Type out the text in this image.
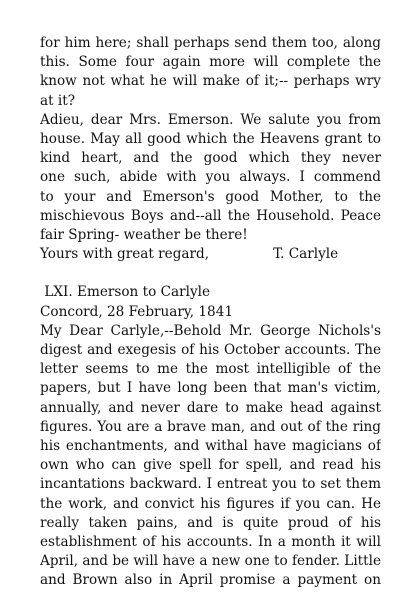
for him here; shall perhaps send them too, along
this. Some four again more will complete the
know not what he will make of it;-- perhaps wry
at it?
Adieu, dear Mrs. Emerson. We salute you from
house. May all good which the Heavens grant to
kind heart, and the good which they never
one such, abide with you always. I commend
to your and Emerson's good Mother, to the
mischievous Boys and--all the Household. Peace
fair Spring- weather be there!
Yours with great regard,	T. Carlyle
LXI. Emerson to Carlyle
Concord, 28 February, 1841
My Dear Carlyle,--Behold Mr. George Nichols's
digest and exegesis of his October accounts. The
letter seems to me the most intelligible of the
papers, but I have long been that man's victim,
annually, and never dare to make head against
figures. You are a brave man, and out of the ring
his enchantments, and withal have magicians of
own who can give spell for spell, and read his
incantations backward. I entreat you to set them
the work, and convict his figures if you can. He
really taken pains, and is quite proud of his
establishment of his accounts. In a month it will
April, and be will have a new one to fender. Little
and Brown also in April promise a payment on
